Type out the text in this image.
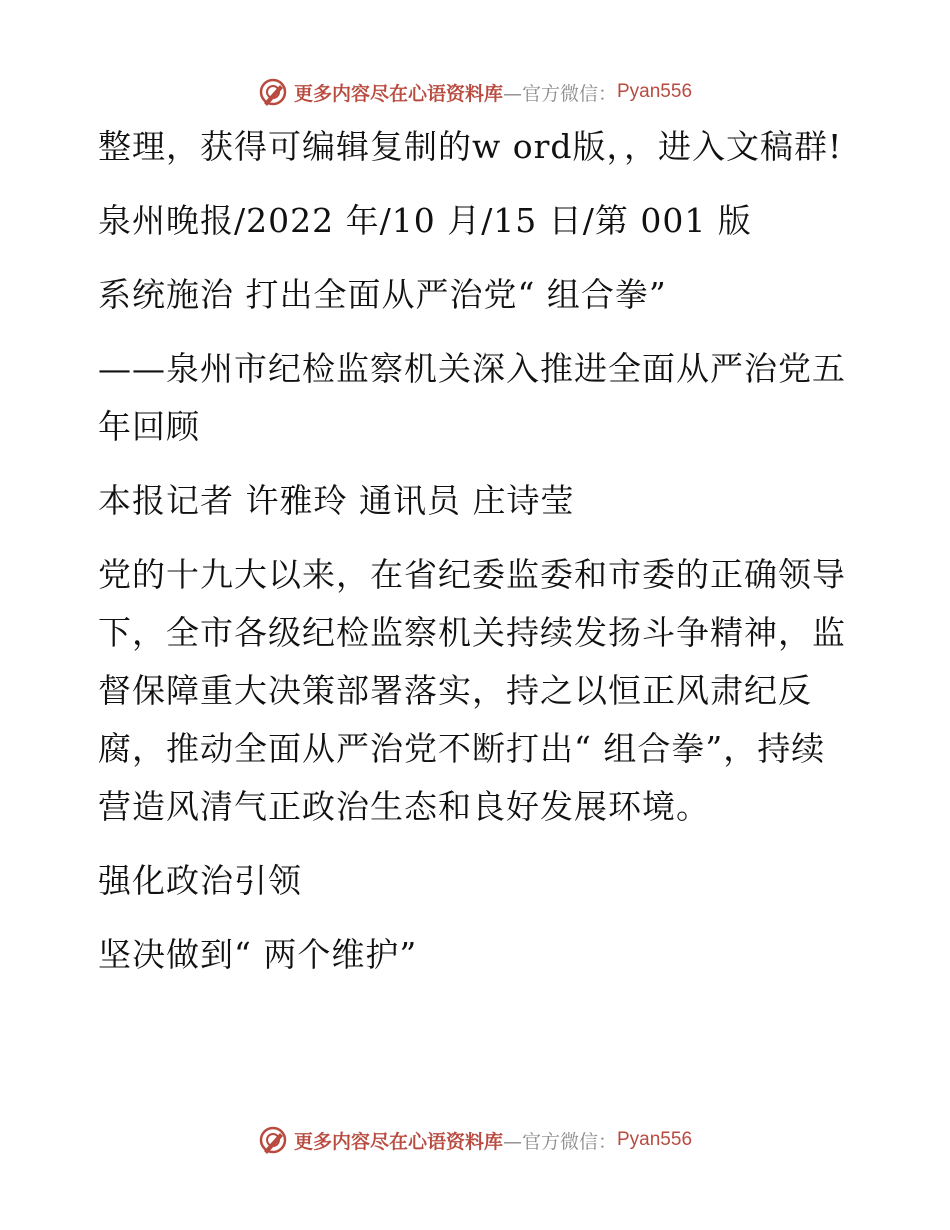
更多内容尽在心语资料库 —官方微信： Pyan556

整理，获得可编辑复制的w ord版，，进入文稿群!

泉州晚报/2022 年/10 月/15 日/第 001 版

系统施治 打出全面从严治党“ 组合拳”

——泉州市纪检监察机关深入推进全面从严治党五年回顾

本报记者 许雅玲 通讯员 庄诗莹

党的十九大以来，在省纪委监委和市委的正确领导下，全市各级纪检监察机关持续发扬斗争精神，监督保障重大决策部署落实，持之以恒正风肃纪反腐，推动全面从严治党不断打出“ 组合拳”，持续营造风清气正政治生态和良好发展环境。

强化政治引领

坚决做到“ 两个维护”

更多内容尽在心语资料库 —官方微信： Pyan556
